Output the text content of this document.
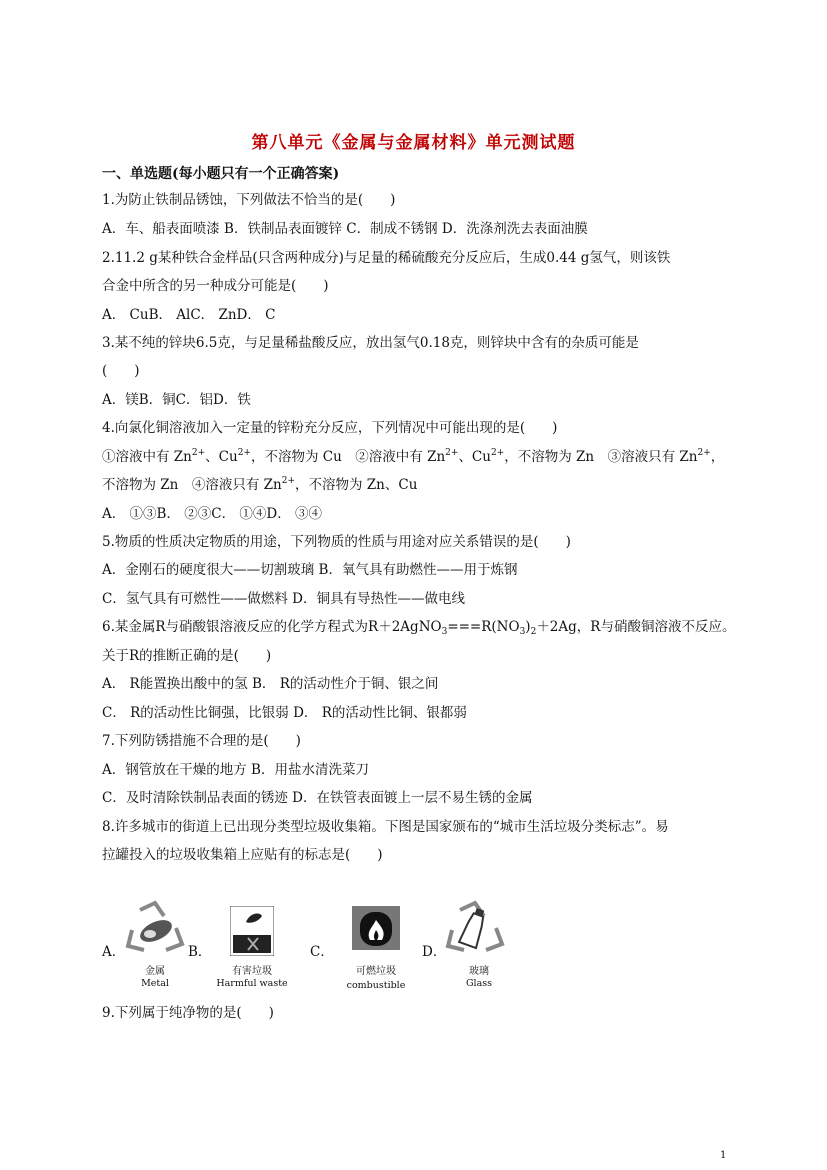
第八单元《金属与金属材料》单元测试题
一、单选题(每小题只有一个正确答案)
1.为防止铁制品锈蚀，下列做法不恰当的是(　　)
A．车、船表面喷漆 B．铁制品表面镀锌 C．制成不锈钢 D．洗涤剂洗去表面油膜
2.11.2 g某种铁合金样品(只含两种成分)与足量的稀硫酸充分反应后，生成0.44 g氢气，则该铁
合金中所含的另一种成分可能是(　　)
A． CuB． AlC． ZnD． C
3.某不纯的锌块6.5克，与足量稀盐酸反应，放出氢气0.18克，则锌块中含有的杂质可能是
(　　)
A．镁B．铜C．铝D．铁
4.向氯化铜溶液加入一定量的锌粉充分反应，下列情况中可能出现的是(　　)
①溶液中有 $Zn^{2+}$、$Cu^{2+}$，不溶物为 Cu　②溶液中有 $Zn^{2+}$、$Cu^{2+}$，不溶物为 Zn　③溶液只有 $Zn^{2+}$，
不溶物为 Zn　④溶液只有 $Zn^{2+}$，不溶物为 Zn、Cu
A． ①③B． ②③C． ①④D． ③④
5.物质的性质决定物质的用途，下列物质的性质与用途对应关系错误的是(　　)
A．金刚石的硬度很大——切割玻璃 B．氧气具有助燃性——用于炼钢
C．氢气具有可燃性——做燃料 D．铜具有导热性——做电线
6.某金属R与硝酸银溶液反应的化学方程式为$R+2AgNO_3===R(NO_3)_2+2Ag$，R与硝酸铜溶液不反应。
关于R的推断正确的是(　　)
A． R能置换出酸中的氢 B． R的活动性介于铜、银之间
C． R的活动性比铜强，比银弱 D． R的活动性比铜、银都弱
7.下列防锈措施不合理的是(　　)
A．钢管放在干燥的地方 B．用盐水清洗菜刀
C．及时清除铁制品表面的锈迹 D．在铁管表面镀上一层不易生锈的金属
8.许多城市的街道上已出现分类型垃圾收集箱。下图是国家颁布的“城市生活垃圾分类标志”。易
拉罐投入的垃圾收集箱上应贴有的标志是(　　)
A．
金属
Metal
B．
有害垃圾
Harmful waste
C．
可燃垃圾
combustible
D．
玻璃
Glass
9.下列属于纯净物的是(　　)
1
